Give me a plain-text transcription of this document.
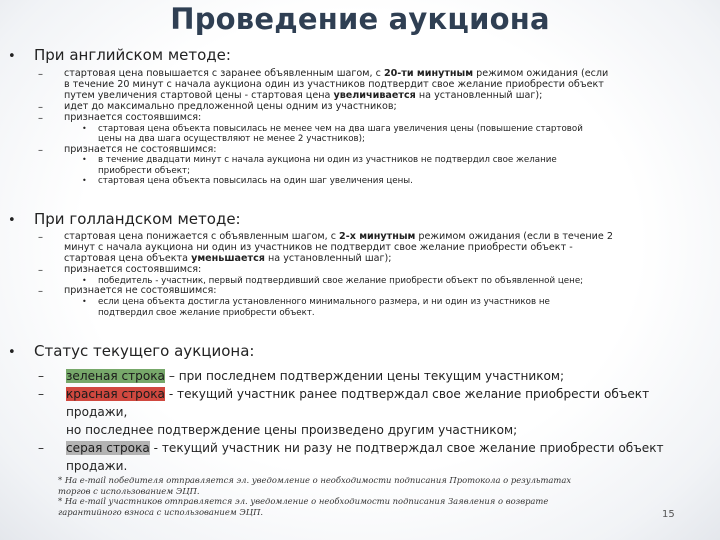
Проведение аукциона
• При английском методе:
–	стартовая цена повышается с заранее объявленным шагом, с 20-ти минутным режимом ожидания (если
в течение 20 минут с начала аукциона один из участников подтвердит свое желание приобрести объект
путем увеличения стартовой цены - стартовая цена увеличивается на установленный шаг);
–	идет до максимально предложенной цены одним из участников;
–	признается состоявшимся:
• стартовая цена объекта повысилась не менее чем на два шага увеличения цены (повышение стартовой
цены на два шага осуществляют не менее 2 участников);
–	признается не состоявшимся:
• в течение двадцати минут с начала аукциона ни один из участников не подтвердил свое желание
приобрести объект;
• стартовая цена объекта повысилась на один шаг увеличения цены.
• При голландском методе:
–	стартовая цена понижается с объявленным шагом, с 2-х минутным режимом ожидания (если в течение 2
минут с начала аукциона ни один из участников не подтвердит свое желание приобрести объект -
стартовая цена объекта уменьшается на установленный шаг);
–	признается состоявшимся:
• победитель - участник, первый подтвердивший свое желание приобрести объект по объявленной цене;
–	признается не состоявшимся:
• если цена объекта достигла установленного минимального размера, и ни один из участников не
подтвердил свое желание приобрести объект.
• Статус текущего аукциона:
–	зеленая строка – при последнем подтверждении цены текущим участником;
–	красная строка - текущий участник ранее подтверждал свое желание приобрести объект продажи,
но последнее подтверждение цены произведено другим участником;
–	серая строка - текущий участник ни разу не подтверждал свое желание приобрести объект
продажи.
* На e-mail победителя отправляется эл. уведомление о необходимости подписания Протокола о результатах
торгов с использованием ЭЦП.
* На e-mail участников отправляется эл. уведомление о необходимости подписания Заявления о возврате
гарантийного взноса с использованием ЭЦП.	15
